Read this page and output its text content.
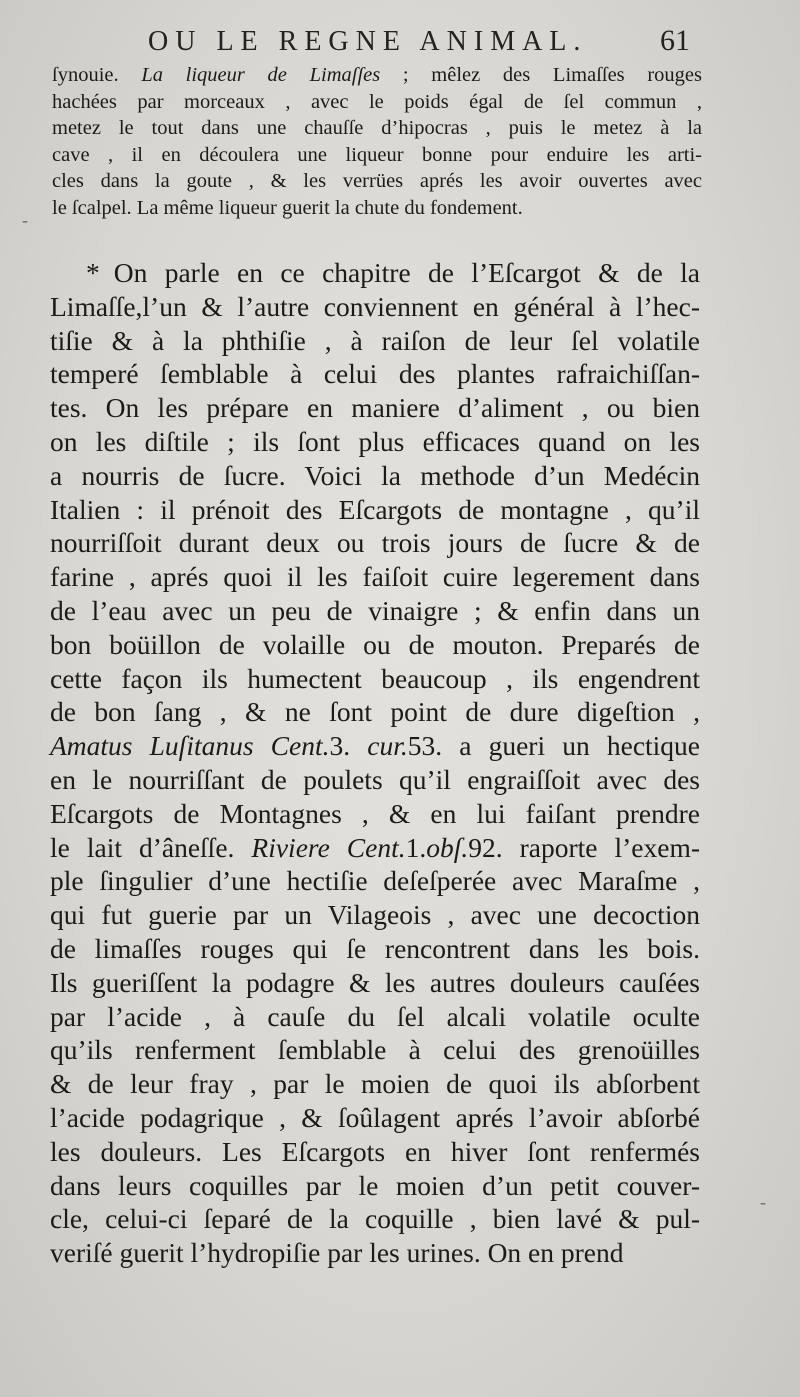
OU LE REGNE ANIMAL. 61
ſynouie. La liqueur de Limaſſes ; mêlez des Limaſſes rouges
hachées par morceaux , avec le poids égal de ſel commun ,
metez le tout dans une chauſſe d’hipocras , puis le metez à la
cave , il en découlera une liqueur bonne pour enduire les arti-
cles dans la goute , & les verrües aprés les avoir ouvertes avec
le ſcalpel. La même liqueur guerit la chute du fondement.
* On parle en ce chapitre de l’Eſcargot & de la
Limaſſe,l’un & l’autre conviennent en général à l’hec-
tiſie & à la phthiſie , à raiſon de leur ſel volatile
temperé ſemblable à celui des plantes rafraichiſſan-
tes. On les prépare en maniere d’aliment , ou bien
on les diſtile ; ils ſont plus efficaces quand on les
a nourris de ſucre. Voici la methode d’un Medécin
Italien : il prénoit des Eſcargots de montagne , qu’il
nourriſſoit durant deux ou trois jours de ſucre & de
farine , aprés quoi il les faiſoit cuire legerement dans
de l’eau avec un peu de vinaigre ; & enfin dans un
bon boüillon de volaille ou de mouton. Preparés de
cette façon ils humectent beaucoup , ils engendrent
de bon ſang , & ne ſont point de dure digeſtion ,
Amatus Luſitanus Cent.3. cur.53. a gueri un hectique
en le nourriſſant de poulets qu’il engraiſſoit avec des
Eſcargots de Montagnes , & en lui faiſant prendre
le lait d’âneſſe. Riviere Cent.1.obſ.92. raporte l’exem-
ple ſingulier d’une hectiſie deſeſperée avec Maraſme ,
qui fut guerie par un Vilageois , avec une decoction
de limaſſes rouges qui ſe rencontrent dans les bois.
Ils gueriſſent la podagre & les autres douleurs cauſées
par l’acide , à cauſe du ſel alcali volatile oculte
qu’ils renferment ſemblable à celui des grenoüilles
& de leur fray , par le moien de quoi ils abſorbent
l’acide podagrique , & ſoûlagent aprés l’avoir abſorbé
les douleurs. Les Eſcargots en hiver ſont renfermés
dans leurs coquilles par le moien d’un petit couver-
cle, celui-ci ſeparé de la coquille , bien lavé & pul-
veriſé guerit l’hydropiſie par les urines. On en prend
-
-
